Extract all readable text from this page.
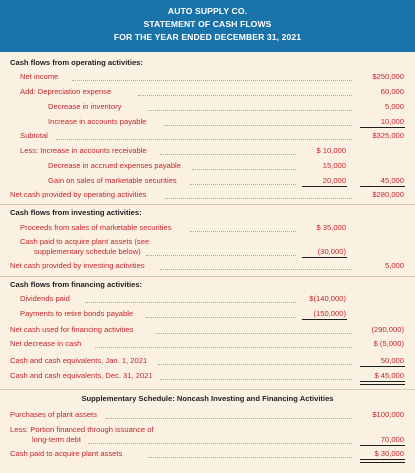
AUTO SUPPLY CO.
STATEMENT OF CASH FLOWS
FOR THE YEAR ENDED DECEMBER 31, 2021
Cash flows from operating activities:
Net income	$250,000
Add: Depreciation expense	60,000
Decrease in inventory	5,000
Increase in accounts payable	10,000
Subtotal	$325,000
Less: Increase in accounts receivable	$ 10,000
Decrease in accrued expenses payable	15,000
Gain on sales of marketable securities	20,000	45,000
Net cash provided by operating activities	$280,000
Cash flows from investing activities:
Proceeds from sales of marketable securities	$ 35,000
Cash paid to acquire plant assets (see
supplementary schedule below)	(30,000)
Net cash provided by investing activities	5,000
Cash flows from financing activities:
Dividends paid	$(140,000)
Payments to retire bonds payable	(150,000)
Net cash used for financing activities	(290,000)
Net decrease in cash	$ (5,000)
Cash and cash equivalents, Jan. 1, 2021	50,000
Cash and cash equivalents, Dec. 31, 2021	$ 45,000
Supplementary Schedule: Noncash Investing and Financing Activities
Purchases of plant assets	$100,000
Less: Portion financed through issuance of
long-term debt	70,000
Cash paid to acquire plant assets	$ 30,000
